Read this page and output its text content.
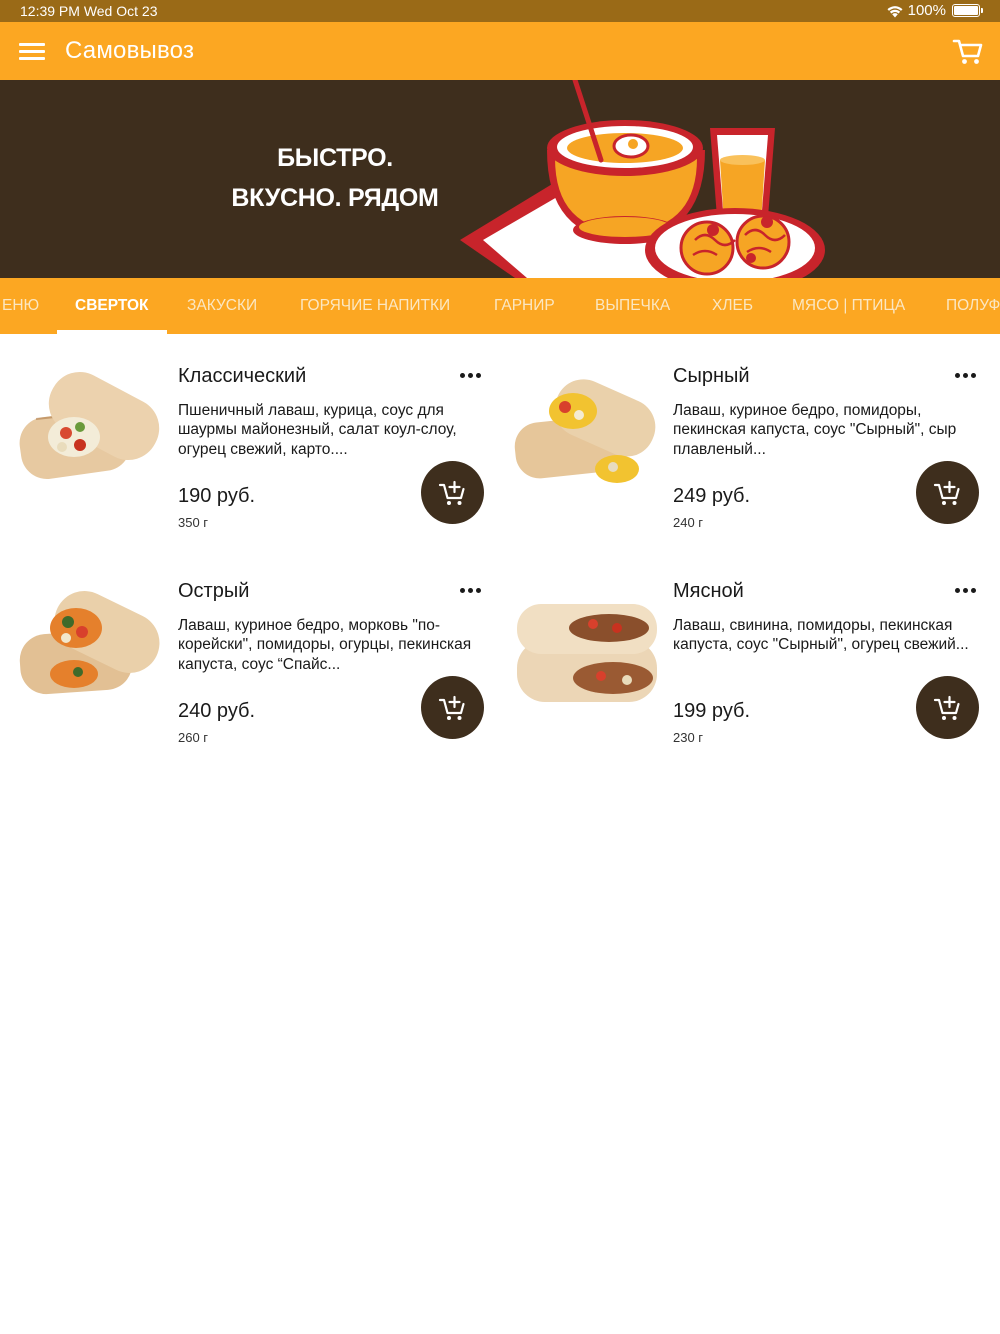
12:39 PM Wed Oct 23	100%
Самовывоз
БЫСТРО.
ВКУСНО. РЯДОМ
ЕНЮ СВЕРТОК ЗАКУСКИ	ГОРЯЧИЕ НАПИТКИ	ГАРНИР	ВЫПЕЧКА	ХЛЕБ	МЯСО | ПТИЦА	ПОЛУФ
Классический
Пшеничный лаваш, курица, соус для шаурмы майонезный, салат коул-слоу, огурец свежий, карто....
190 руб.
350 г
Сырный
Лаваш, куриное бедро, помидоры, пекинская капуста, соус "Сырный", сыр плавленый...
249 руб.
240 г
Острый
Лаваш, куриное бедро, морковь "по-корейски", помидоры, огурцы, пекинская капуста, соус “Спайс...
240 руб.
260 г
Мясной
Лаваш, свинина, помидоры, пекинская капуста, соус "Сырный", огурец свежий...
199 руб.
230 г
